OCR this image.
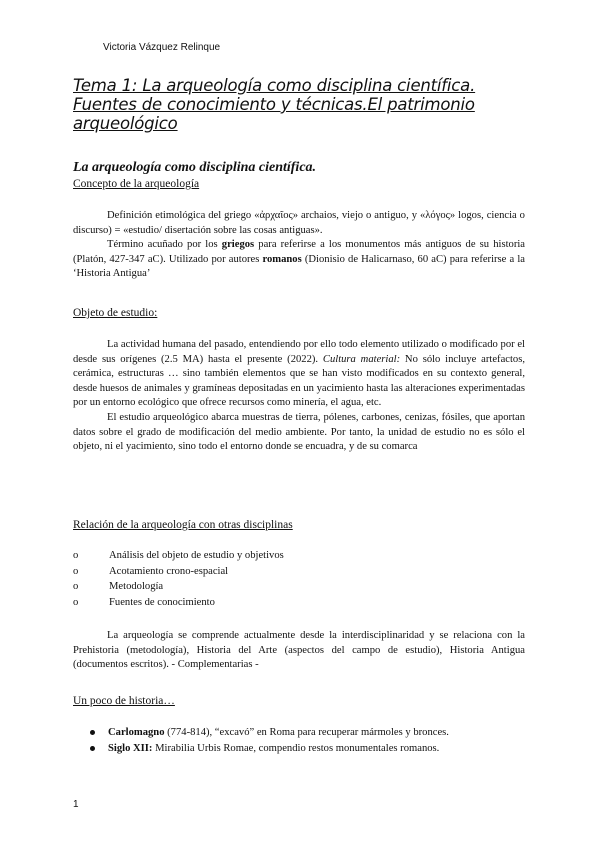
Victoria Vázquez Relinque
Tema 1: La arqueología como disciplina científica.
Fuentes de conocimiento y técnicas.El patrimonio
arqueológico
La arqueología como disciplina científica.
Concepto de la arqueología

Definición etimológica del griego «ἀρχαῖος» archaios, viejo o antiguo, y «λόγος» logos, ciencia o discurso) = «estudio/ disertación sobre las cosas antiguas».

Término acuñado por los griegos para referirse a los monumentos más antiguos de su historia (Platón, 427-347 aC). Utilizado por autores romanos (Dionisio de Halicarnaso, 60 aC) para referirse a la ‘Historia Antigua’

Objeto de estudio:

La actividad humana del pasado, entendiendo por ello todo elemento utilizado o modificado por el desde sus orígenes (2.5 MA) hasta el presente (2022). Cultura material: No sólo incluye artefactos, cerámica, estructuras … sino también elementos que se han visto modificados en su contexto general, desde huesos de animales y gramíneas depositadas en un yacimiento hasta las alteraciones experimentadas por un entorno ecológico que ofrece recursos como minería, el agua, etc.

El estudio arqueológico abarca muestras de tierra, pólenes, carbones, cenizas, fósiles, que aportan datos sobre el grado de modificación del medio ambiente. Por tanto, la unidad de estudio no es sólo el objeto, ni el yacimiento, sino todo el entorno donde se encuadra, y de su comarca

Relación de la arqueología con otras disciplinas
o	Análisis del objeto de estudio y objetivos
o	Acotamiento crono-espacial
o	Metodología
o	Fuentes de conocimiento

La arqueología se comprende actualmente desde la interdisciplinaridad y se relaciona con la Prehistoria (metodología), Historia del Arte (aspectos del campo de estudio), Historia Antigua (documentos escritos). - Complementarias -

Un poco de historia…
Carlomagno (774-814), “excavó” en Roma para recuperar mármoles y bronces.
Siglo XII: Mirabilia Urbis Romae, compendio restos monumentales romanos.
1
